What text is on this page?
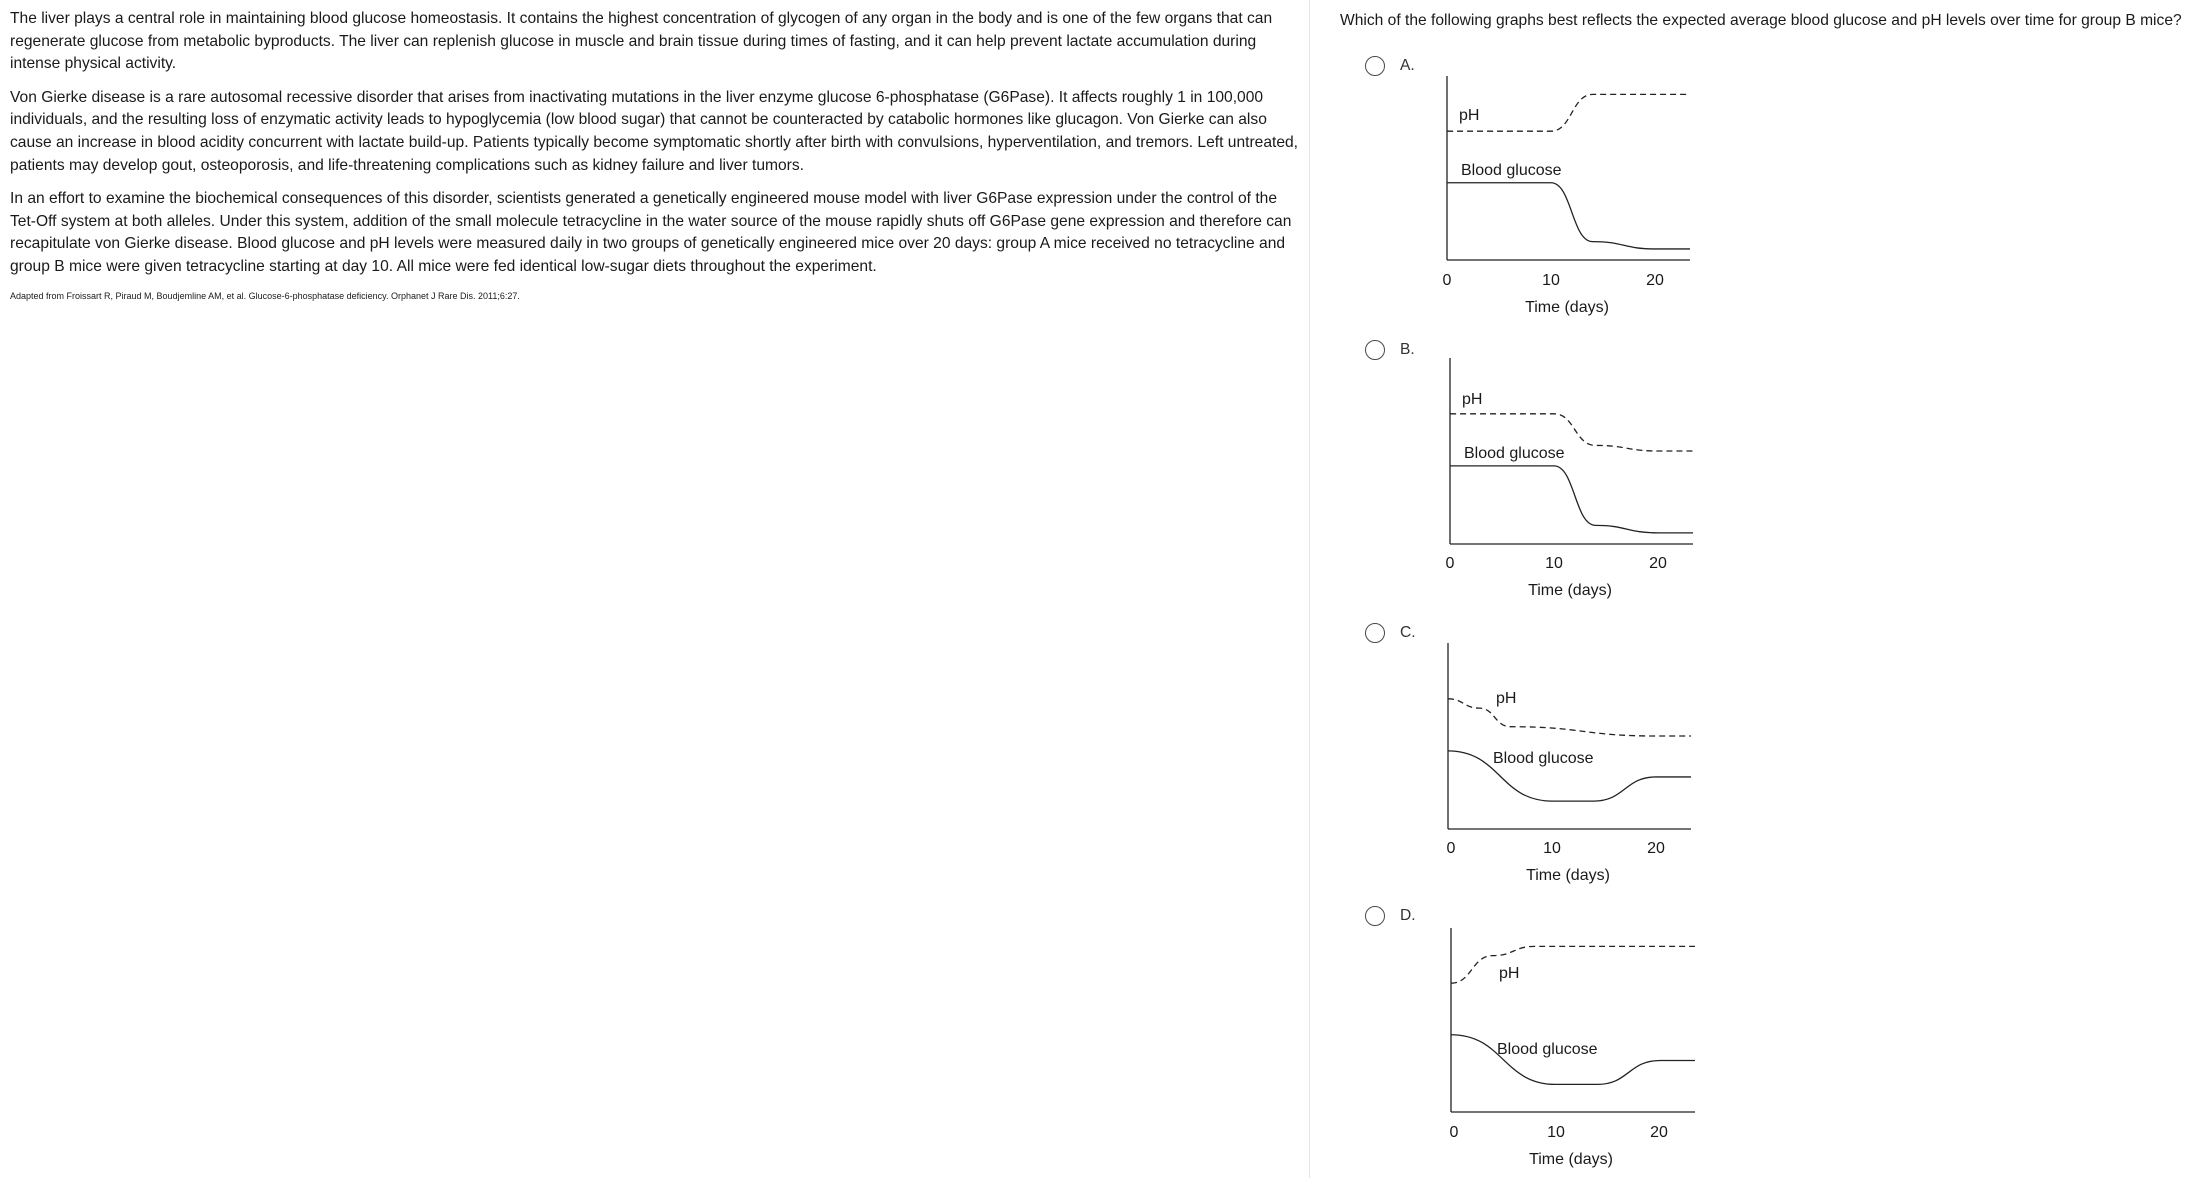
The liver plays a central role in maintaining blood glucose homeostasis. It contains the highest concentration of glycogen of any organ in the body and is one of the few organs that can regenerate glucose from metabolic byproducts. The liver can replenish glucose in muscle and brain tissue during times of fasting, and it can help prevent lactate accumulation during intense physical activity.

Von Gierke disease is a rare autosomal recessive disorder that arises from inactivating mutations in the liver enzyme glucose 6-phosphatase (G6Pase). It affects roughly 1 in 100,000 individuals, and the resulting loss of enzymatic activity leads to hypoglycemia (low blood sugar) that cannot be counteracted by catabolic hormones like glucagon. Von Gierke can also cause an increase in blood acidity concurrent with lactate build-up. Patients typically become symptomatic shortly after birth with convulsions, hyperventilation, and tremors. Left untreated, patients may develop gout, osteoporosis, and life-threatening complications such as kidney failure and liver tumors.

In an effort to examine the biochemical consequences of this disorder, scientists generated a genetically engineered mouse model with liver G6Pase expression under the control of the Tet-Off system at both alleles. Under this system, addition of the small molecule tetracycline in the water source of the mouse rapidly shuts off G6Pase gene expression and therefore can recapitulate von Gierke disease. Blood glucose and pH levels were measured daily in two groups of genetically engineered mice over 20 days: group A mice received no tetracycline and group B mice were given tetracycline starting at day 10. All mice were fed identical low-sugar diets throughout the experiment.

Adapted from Froissart R, Piraud M, Boudjemline AM, et al. Glucose-6-phosphatase deficiency. Orphanet J Rare Dis. 2011;6:27.
Which of the following graphs best reflects the expected average blood glucose and pH levels over time for group B mice?
A.
pH
Blood glucose
0	10	20
Time (days)
B.
pH
Blood glucose
0	10	20
Time (days)
C.
pH
Blood glucose
0	10	20
Time (days)
D.
pH
Blood glucose
0	10	20
Time (days)
